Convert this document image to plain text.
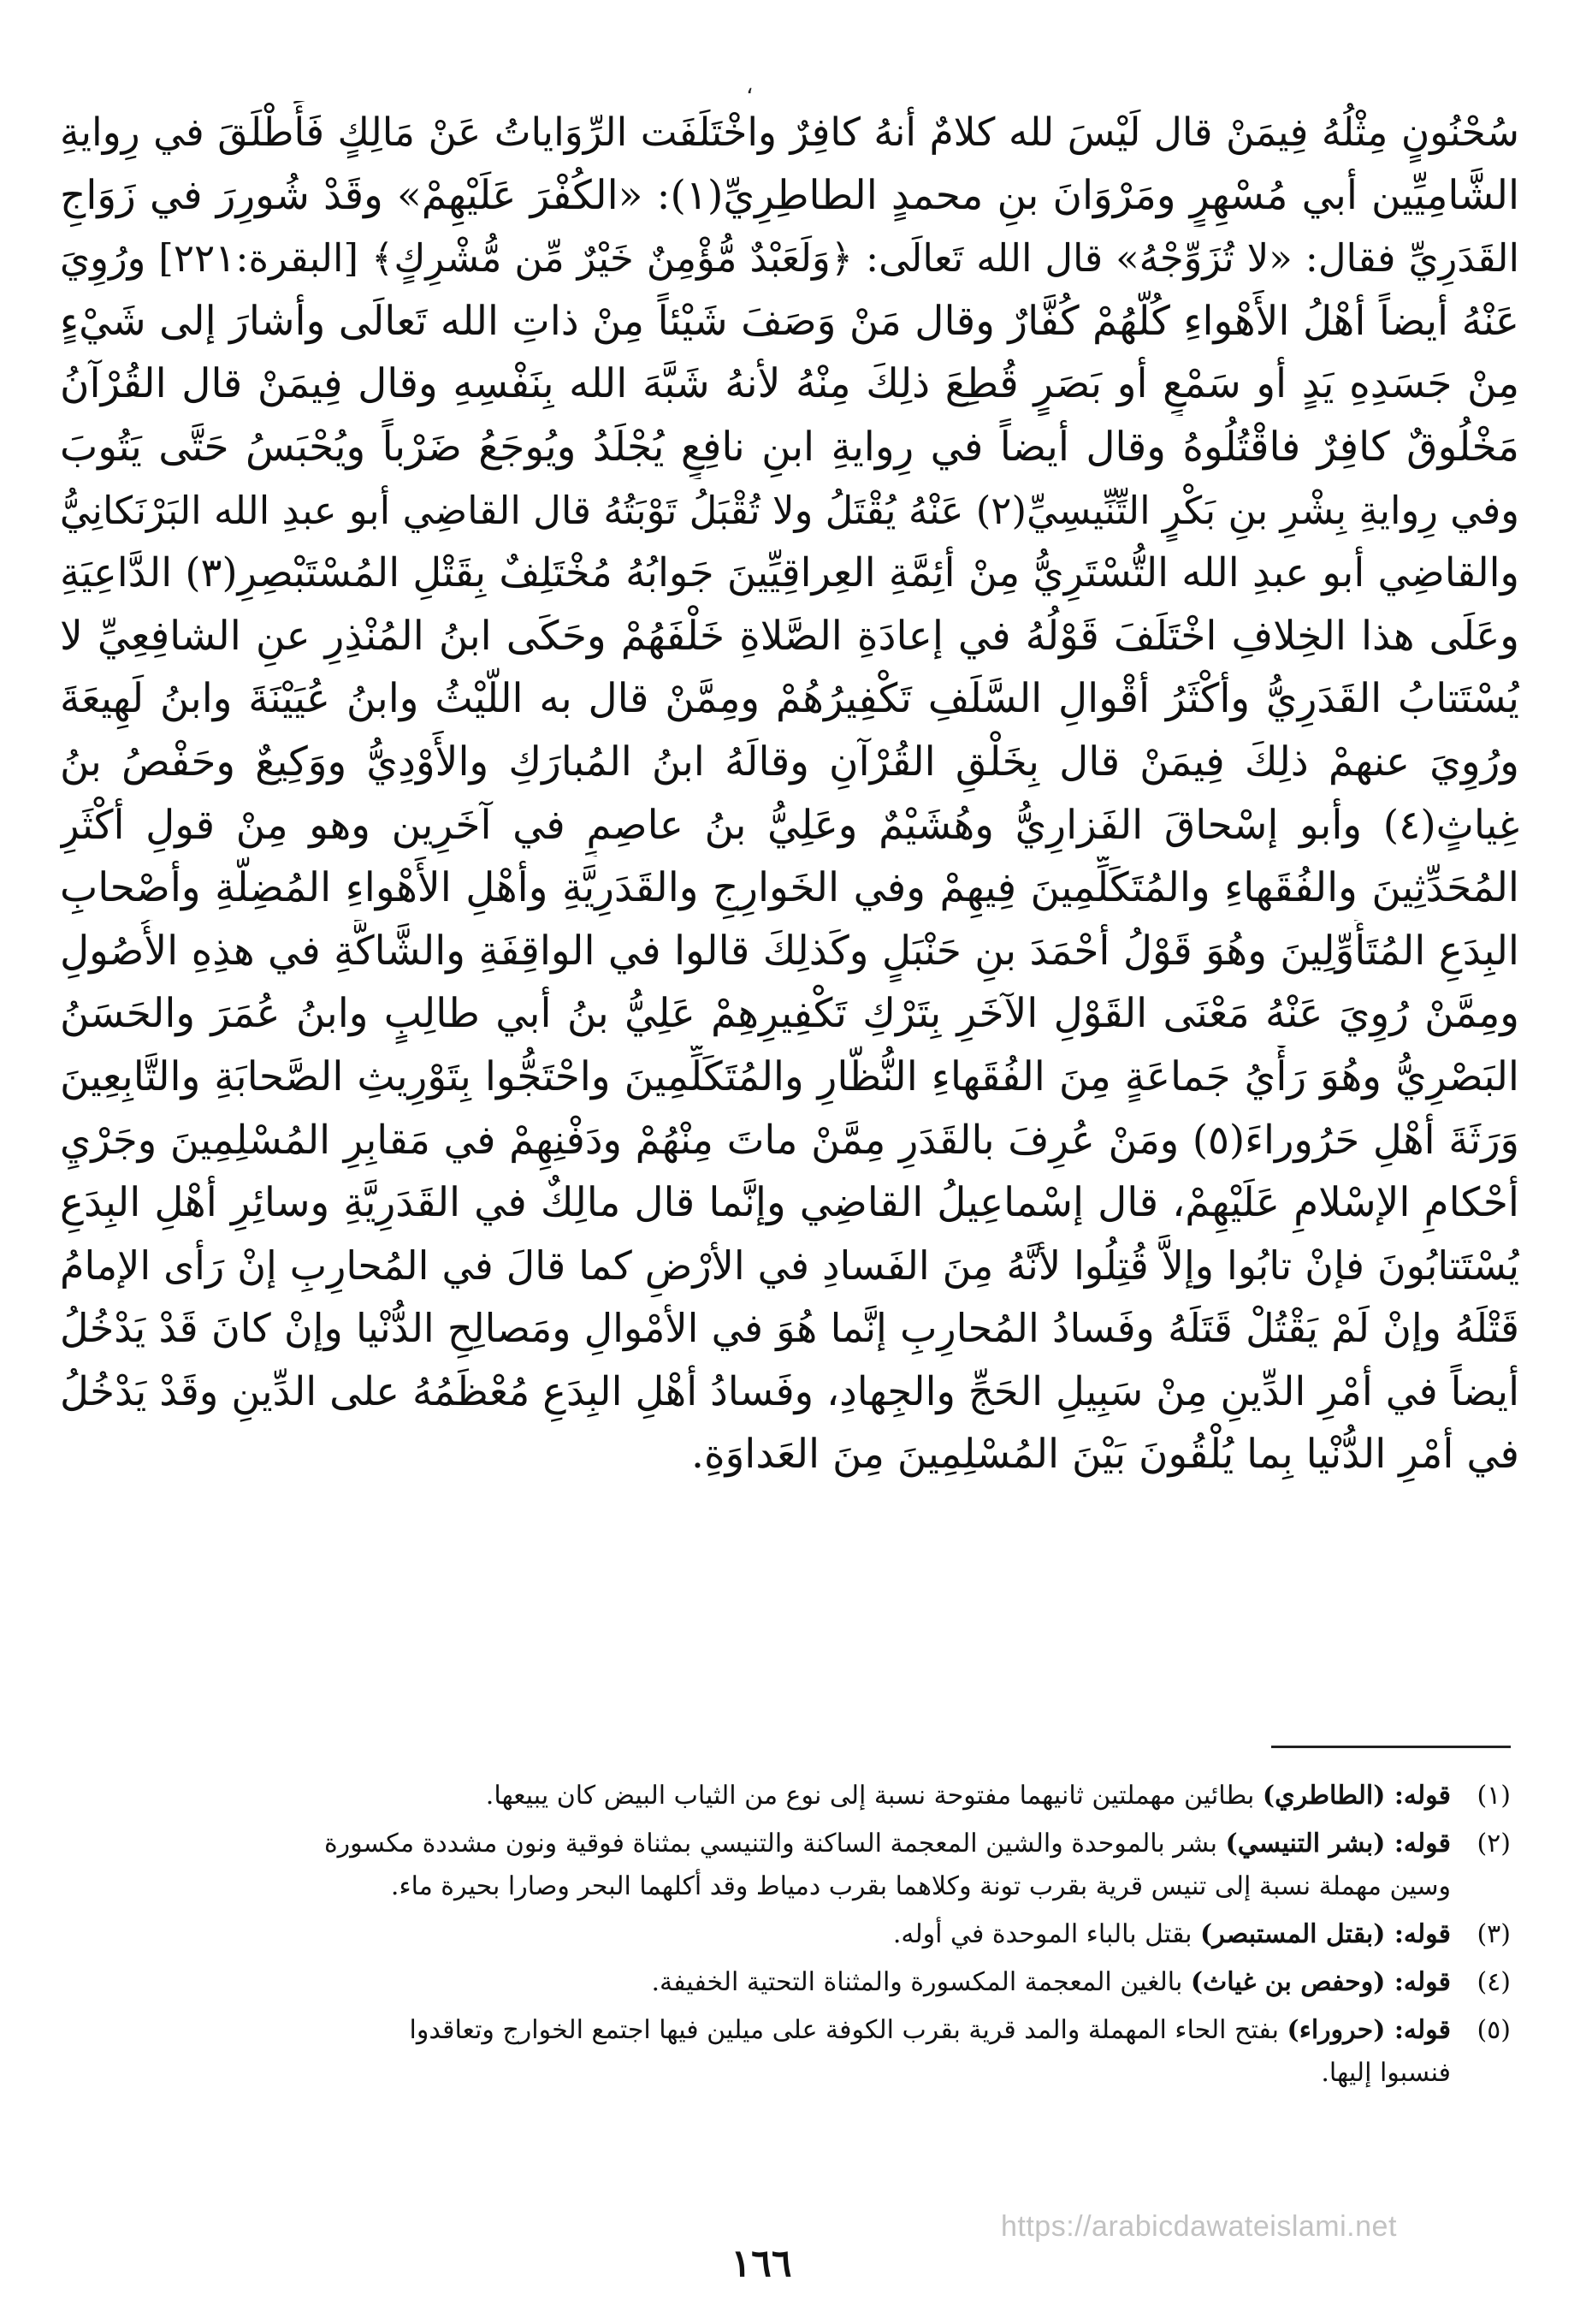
،
سُحْنُونٍ مِثْلُهُ فِيمَنْ قال لَيْسَ لله كلامٌ أنهُ كافِرٌ واخْتَلَفَت الرِّوَاياتُ عَنْ مَالِكٍ فَأَطْلَقَ في رِوايةِ
الشَّامِيِّين أبي مُسْهِرٍ ومَرْوَانَ بنِ محمدٍ الطاطِرِيِّ(١): «الكُفْرَ عَلَيْهِمْ» وقَدْ شُورِرَ في زَوَاجِ
القَدَرِيِّ فقال: «لا تُزَوِّجْهُ» قال الله تَعالَى: ﴿وَلَعَبْدٌ مُّؤْمِنٌ خَيْرٌ مِّن مُّشْرِكٍ﴾ [البقرة:٢٢١] ورُوِيَ
عَنْهُ أيضاً أهْلُ الأَهْواءِ كُلُّهُمْ كُفَّارٌ وقال مَنْ وَصَفَ شَيْئاً مِنْ ذاتِ الله تَعالَى وأشارَ إلى شَيْءٍ
مِنْ جَسَدِهِ يَدٍ أو سَمْعٍ أو بَصَرٍ قُطِعَ ذلِكَ مِنْهُ لأنهُ شَبَّهَ الله بِنَفْسِهِ وقال فِيمَنْ قال القُرْآنُ
مَخْلُوقٌ كافِرٌ فاقْتُلُوهُ وقال أيضاً في رِوايةِ ابنِ نافِعٍ يُجْلَدُ ويُوجَعُ ضَرْباً ويُحْبَسُ حَتَّى يَتُوبَ
وفي رِوايةِ بِشْرِ بنِ بَكْرٍ التِّنِّيسِيِّ(٢) عَنْهُ يُقْتَلُ ولا تُقْبَلُ تَوْبَتُهُ قال القاضِي أبو عبدِ الله البَرْنَكانِيُّ
والقاضِي أبو عبدِ الله التُّسْتَرِيُّ مِنْ أئِمَّةِ العِراقِيِّينَ جَوابُهُ مُخْتَلِفٌ بِقَتْلِ المُسْتَبْصِرِ(٣) الدَّاعِيَةِ
وعَلَى هذا الخِلافِ اخْتَلَفَ قَوْلُهُ في إعادَةِ الصَّلاةِ خَلْفَهُمْ وحَكَى ابنُ المُنْذِرِ عنِ الشافِعِيِّ لا
يُسْتَتابُ القَدَرِيُّ وأكْثَرُ أقْوالِ السَّلَفِ تَكْفِيرُهُمْ ومِمَّنْ قال به اللَّيْثُ وابنُ عُيَيْنَةَ وابنُ لَهِيعَةَ
ورُوِيَ عنهمْ ذلِكَ فِيمَنْ قال بِخَلْقِ القُرْآنِ وقالَهُ ابنُ المُبارَكِ والأَوْدِيُّ ووَكِيعٌ وحَفْصُ بنُ
غِياثٍ(٤) وأبو إسْحاقَ الفَزارِيُّ وهُشَيْمٌ وعَلِيُّ بنُ عاصِمٍ في آخَرِين وهو مِنْ قولِ أكْثَرِ
المُحَدِّثِينَ والفُقَهاءِ والمُتَكَلِّمِينَ فِيهِمْ وفي الخَوارِجِ والقَدَرِيَّةِ وأهْلِ الأَهْواءِ المُضِلَّةِ وأصْحابِ
البِدَعِ المُتَأَوِّلِينَ وهُوَ قَوْلُ أحْمَدَ بنِ حَنْبَلٍ وكَذلِكَ قالوا في الواقِفَةِ والشَّاكَّةِ في هذِهِ الأُصُولِ
ومِمَّنْ رُوِيَ عَنْهُ مَعْنَى القَوْلِ الآخَرِ بِتَرْكِ تَكْفِيرِهِمْ عَلِيُّ بنُ أبي طالِبٍ وابنُ عُمَرَ والحَسَنُ
البَصْرِيُّ وهُوَ رَأْيُ جَماعَةٍ مِنَ الفُقَهاءِ النُّظَّارِ والمُتَكَلِّمِينَ واحْتَجُّوا بِتَوْرِيثِ الصَّحابَةِ والتَّابِعِينَ
وَرَثَةَ أهْلِ حَرُوراءَ(٥) ومَنْ عُرِفَ بالقَدَرِ مِمَّنْ ماتَ مِنْهُمْ ودَفْنِهِمْ في مَقابِرِ المُسْلِمِينَ وجَرْيِ
أحْكامِ الإسْلامِ عَلَيْهِمْ، قال إسْماعِيلُ القاضِي وإنَّما قال مالِكٌ في القَدَرِيَّةِ وسائِرِ أهْلِ البِدَعِ
يُسْتَتابُونَ فإنْ تابُوا وإلاَّ قُتِلُوا لأنَّهُ مِنَ الفَسادِ في الأرْضِ كما قالَ في المُحارِبِ إنْ رَأى الإمامُ
قَتْلَهُ وإنْ لَمْ يَقْتُلْ قَتَلَهُ وفَسادُ المُحارِبِ إنَّما هُوَ في الأمْوالِ ومَصالِحِ الدُّنْيا وإنْ كانَ قَدْ يَدْخُلُ
أيضاً في أمْرِ الدِّينِ مِنْ سَبِيلِ الحَجِّ والجِهادِ، وفَسادُ أهْلِ البِدَعِ مُعْظَمُهُ على الدِّينِ وقَدْ يَدْخُلُ
في أمْرِ الدُّنْيا بِما يُلْقُونَ بَيْنَ المُسْلِمِينَ مِنَ العَداوَةِ.
(١)
قوله: (الطاطري) بطائين مهملتين ثانيهما مفتوحة نسبة إلى نوع من الثياب البيض كان يبيعها.
(٢)
قوله: (بشر التنيسي) بشر بالموحدة والشين المعجمة الساكنة والتنيسي بمثناة فوقية ونون مشددة مكسورة
وسين مهملة نسبة إلى تنيس قرية بقرب تونة وكلاهما بقرب دمياط وقد أكلهما البحر وصارا بحيرة ماء.
(٣)
قوله: (بقتل المستبصر) بقتل بالباء الموحدة في أوله.
(٤)
قوله: (وحفص بن غياث) بالغين المعجمة المكسورة والمثناة التحتية الخفيفة.
(٥)
قوله: (حروراء) بفتح الحاء المهملة والمد قرية بقرب الكوفة على ميلين فيها اجتمع الخوارج وتعاقدوا
فنسبوا إليها.
https://arabicdawateislami.net
١٦٦
